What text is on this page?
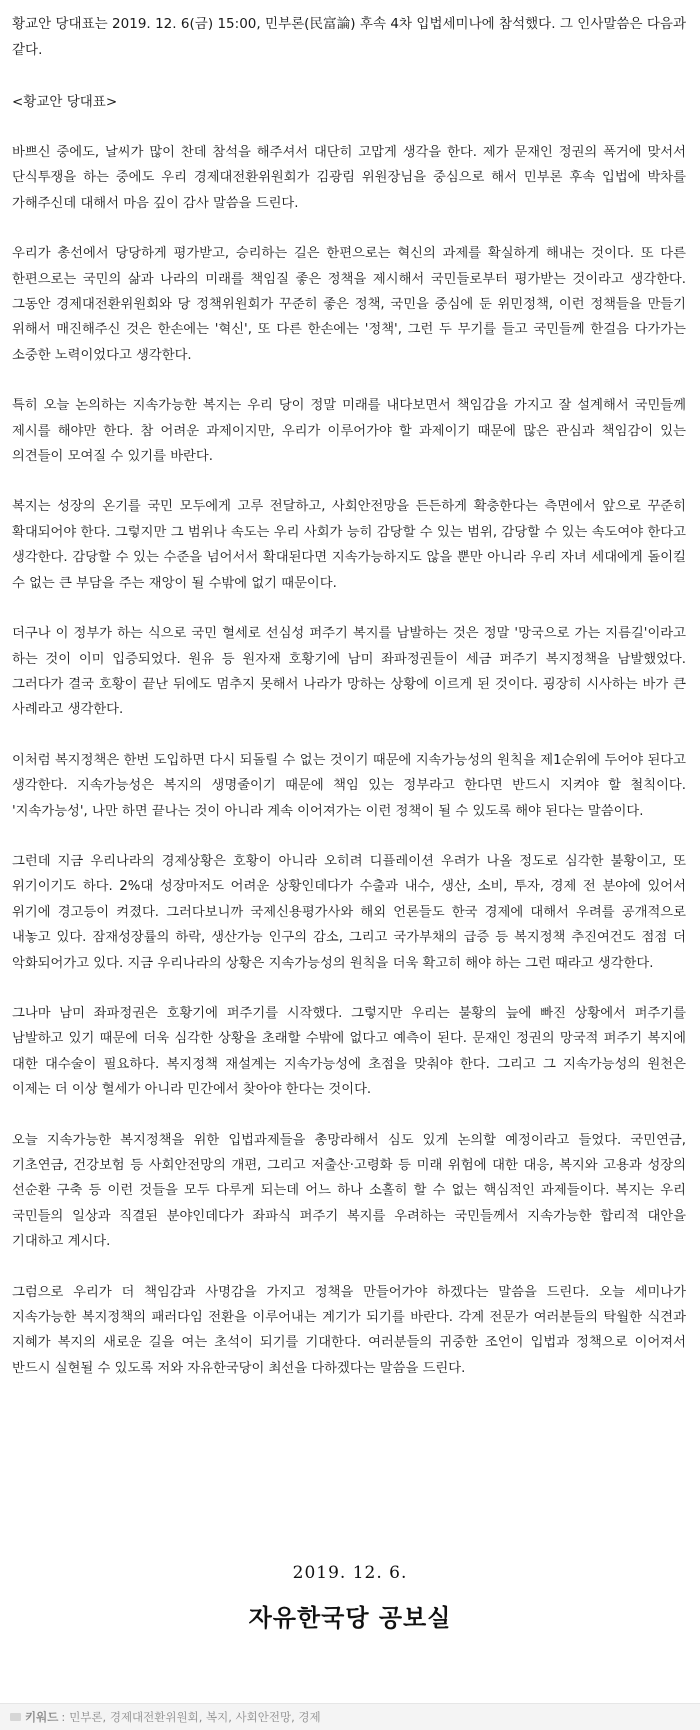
황교안 당대표는 2019. 12. 6(금) 15:00, 민부론(民富論) 후속 4차 입법세미나에 참석했다. 그 인사말씀은 다음과 같다.

<황교안 당대표>

바쁘신 중에도, 날씨가 많이 찬데 참석을 해주셔서 대단히 고맙게 생각을 한다. 제가 문재인 정권의 폭거에 맞서서 단식투쟁을 하는 중에도 우리 경제대전환위원회가 김광림 위원장님을 중심으로 해서 민부론 후속 입법에 박차를 가해주신데 대해서 마음 깊이 감사 말씀을 드린다.

우리가 총선에서 당당하게 평가받고, 승리하는 길은 한편으로는 혁신의 과제를 확실하게 해내는 것이다. 또 다른 한편으로는 국민의 삶과 나라의 미래를 책임질 좋은 정책을 제시해서 국민들로부터 평가받는 것이라고 생각한다. 그동안 경제대전환위원회와 당 정책위원회가 꾸준히 좋은 정책, 국민을 중심에 둔 위민정책, 이런 정책들을 만들기 위해서 매진해주신 것은 한손에는 '혁신', 또 다른 한손에는 '정책', 그런 두 무기를 들고 국민들께 한걸음 다가가는 소중한 노력이었다고 생각한다.

특히 오늘 논의하는 지속가능한 복지는 우리 당이 정말 미래를 내다보면서 책임감을 가지고 잘 설계해서 국민들께 제시를 해야만 한다. 참 어려운 과제이지만, 우리가 이루어가야 할 과제이기 때문에 많은 관심과 책임감이 있는 의견들이 모여질 수 있기를 바란다.

복지는 성장의 온기를 국민 모두에게 고루 전달하고, 사회안전망을 든든하게 확충한다는 측면에서 앞으로 꾸준히 확대되어야 한다. 그렇지만 그 범위나 속도는 우리 사회가 능히 감당할 수 있는 범위, 감당할 수 있는 속도여야 한다고 생각한다. 감당할 수 있는 수준을 넘어서서 확대된다면 지속가능하지도 않을 뿐만 아니라 우리 자녀 세대에게 돌이킬 수 없는 큰 부담을 주는 재앙이 될 수밖에 없기 때문이다.

더구나 이 정부가 하는 식으로 국민 혈세로 선심성 퍼주기 복지를 남발하는 것은 정말 '망국으로 가는 지름길'이라고 하는 것이 이미 입증되었다. 원유 등 원자재 호황기에 남미 좌파정권들이 세금 퍼주기 복지정책을 남발했었다. 그러다가 결국 호황이 끝난 뒤에도 멈추지 못해서 나라가 망하는 상황에 이르게 된 것이다. 굉장히 시사하는 바가 큰 사례라고 생각한다.

이처럼 복지정책은 한번 도입하면 다시 되돌릴 수 없는 것이기 때문에 지속가능성의 원칙을 제1순위에 두어야 된다고 생각한다. 지속가능성은 복지의 생명줄이기 때문에 책임 있는 정부라고 한다면 반드시 지켜야 할 철칙이다. '지속가능성', 나만 하면 끝나는 것이 아니라 계속 이어져가는 이런 정책이 될 수 있도록 해야 된다는 말씀이다.

그런데 지금 우리나라의 경제상황은 호황이 아니라 오히려 디플레이션 우려가 나올 정도로 심각한 불황이고, 또 위기이기도 하다. 2%대 성장마저도 어려운 상황인데다가 수출과 내수, 생산, 소비, 투자, 경제 전 분야에 있어서 위기에 경고등이 켜졌다. 그러다보니까 국제신용평가사와 해외 언론들도 한국 경제에 대해서 우려를 공개적으로 내놓고 있다. 잠재성장률의 하락, 생산가능 인구의 감소, 그리고 국가부채의 급증 등 복지정책 추진여건도 점점 더 악화되어가고 있다. 지금 우리나라의 상황은 지속가능성의 원칙을 더욱 확고히 해야 하는 그런 때라고 생각한다.

그나마 남미 좌파정권은 호황기에 퍼주기를 시작했다. 그렇지만 우리는 불황의 늪에 빠진 상황에서 퍼주기를 남발하고 있기 때문에 더욱 심각한 상황을 초래할 수밖에 없다고 예측이 된다. 문재인 정권의 망국적 퍼주기 복지에 대한 대수술이 필요하다. 복지정책 재설계는 지속가능성에 초점을 맞춰야 한다. 그리고 그 지속가능성의 원천은 이제는 더 이상 혈세가 아니라 민간에서 찾아야 한다는 것이다.

오늘 지속가능한 복지정책을 위한 입법과제들을 총망라해서 심도 있게 논의할 예정이라고 들었다. 국민연금, 기초연금, 건강보험 등 사회안전망의 개편, 그리고 저출산·고령화 등 미래 위험에 대한 대응, 복지와 고용과 성장의 선순환 구축 등 이런 것들을 모두 다루게 되는데 어느 하나 소홀히 할 수 없는 핵심적인 과제들이다. 복지는 우리 국민들의 일상과 직결된 분야인데다가 좌파식 퍼주기 복지를 우려하는 국민들께서 지속가능한 합리적 대안을 기대하고 계시다.

그럼으로 우리가 더 책임감과 사명감을 가지고 정책을 만들어가야 하겠다는 말씀을 드린다. 오늘 세미나가 지속가능한 복지정책의 패러다임 전환을 이루어내는 계기가 되기를 바란다. 각계 전문가 여러분들의 탁월한 식견과 지혜가 복지의 새로운 길을 여는 초석이 되기를 기대한다. 여러분들의 귀중한 조언이 입법과 정책으로 이어져서 반드시 실현될 수 있도록 저와 자유한국당이 최선을 다하겠다는 말씀을 드린다.

2019. 12. 6.
자유한국당 공보실
키워드 : 민부론, 경제대전환위원회, 복지, 사회안전망, 경제
